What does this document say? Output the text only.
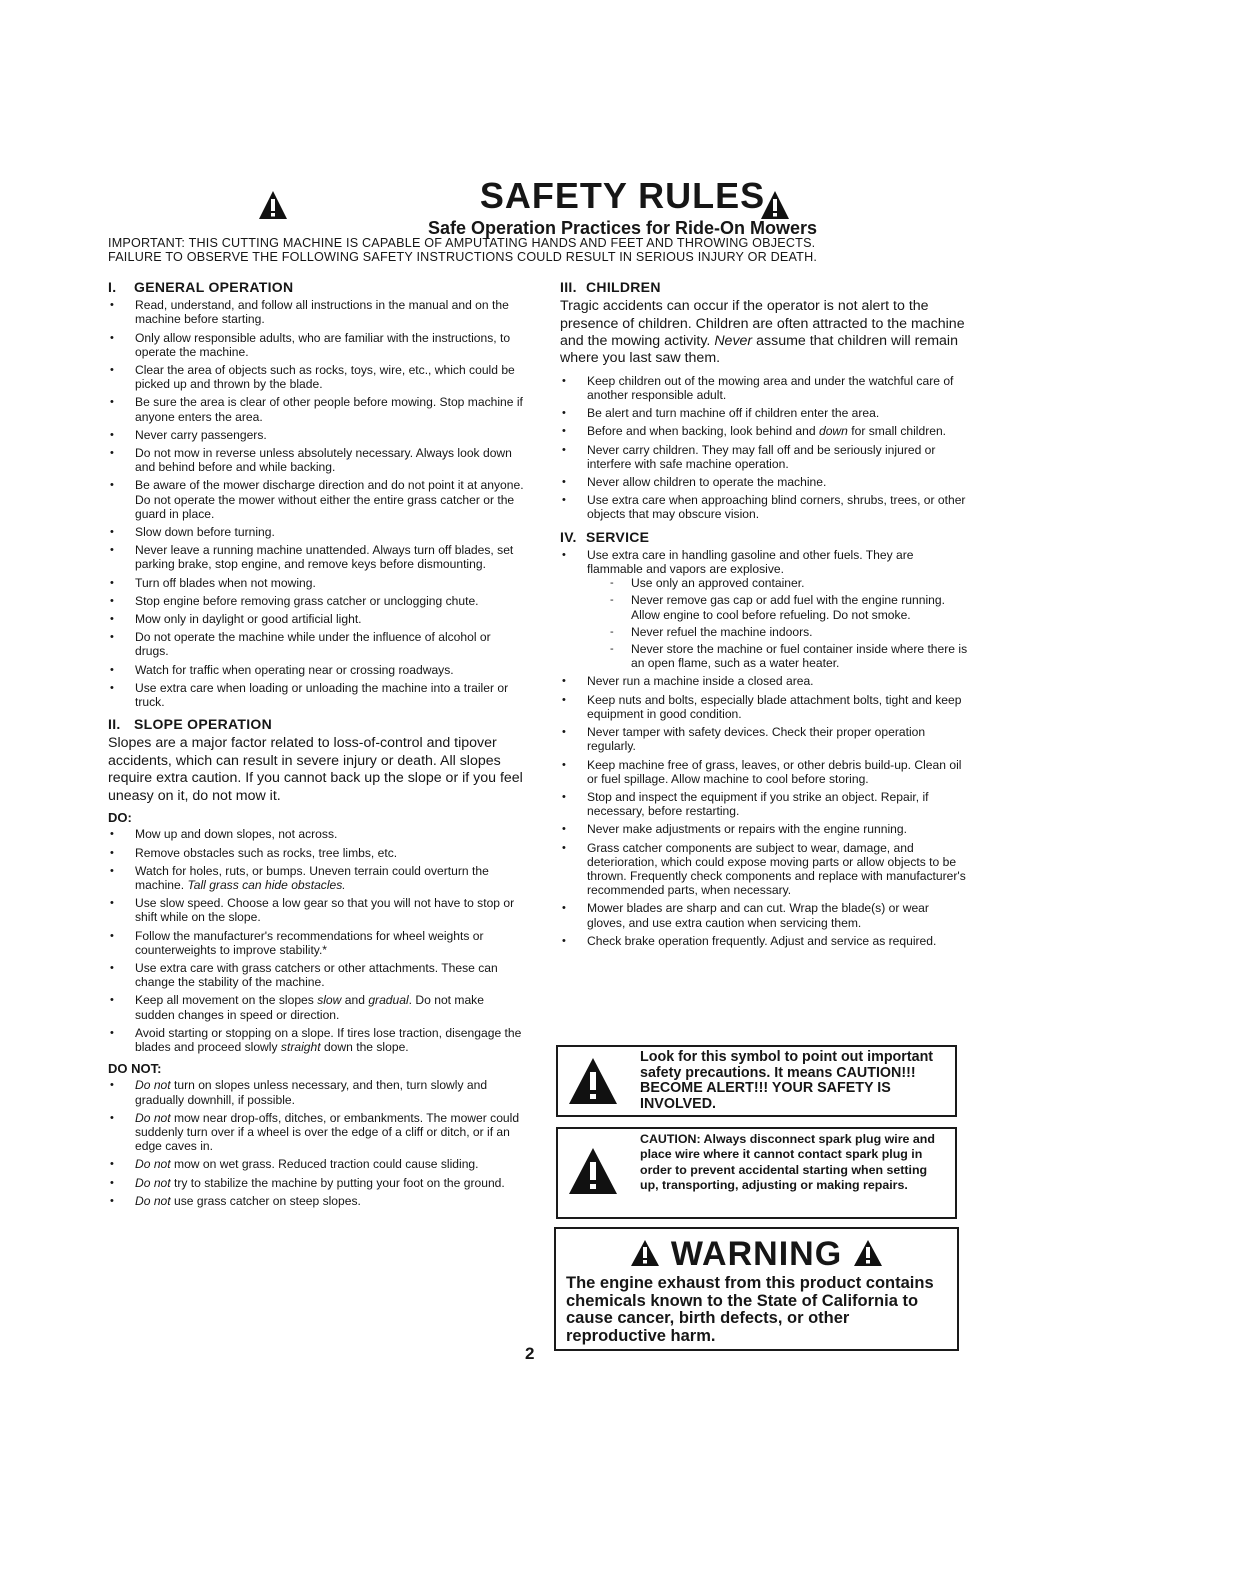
SAFETY RULES
Safe Operation Practices for Ride-On Mowers
IMPORTANT: THIS CUTTING MACHINE IS CAPABLE OF AMPUTATING HANDS AND FEET AND THROWING OBJECTS.
FAILURE TO OBSERVE THE FOLLOWING SAFETY INSTRUCTIONS COULD RESULT IN SERIOUS INJURY OR DEATH.
I. GENERAL OPERATION
• Read, understand, and follow all instructions in the manual and on the machine before starting.
• Only allow responsible adults, who are familiar with the instructions, to operate the machine.
• Clear the area of objects such as rocks, toys, wire, etc., which could be picked up and thrown by the blade.
• Be sure the area is clear of other people before mowing. Stop machine if anyone enters the area.
• Never carry passengers.
• Do not mow in reverse unless absolutely necessary. Always look down and behind before and while backing.
• Be aware of the mower discharge direction and do not point it at anyone. Do not operate the mower without either the entire grass catcher or the guard in place.
• Slow down before turning.
• Never leave a running machine unattended. Always turn off blades, set parking brake, stop engine, and remove keys before dismounting.
• Turn off blades when not mowing.
• Stop engine before removing grass catcher or unclogging chute.
• Mow only in daylight or good artificial light.
• Do not operate the machine while under the influence of alcohol or drugs.
• Watch for traffic when operating near or crossing roadways.
• Use extra care when loading or unloading the machine into a trailer or truck.
II. SLOPE OPERATION
Slopes are a major factor related to loss-of-control and tipover accidents, which can result in severe injury or death. All slopes require extra caution. If you cannot back up the slope or if you feel uneasy on it, do not mow it.
DO:
• Mow up and down slopes, not across.
• Remove obstacles such as rocks, tree limbs, etc.
• Watch for holes, ruts, or bumps. Uneven terrain could overturn the machine. Tall grass can hide obstacles.
• Use slow speed. Choose a low gear so that you will not have to stop or shift while on the slope.
• Follow the manufacturer's recommendations for wheel weights or counterweights to improve stability.*
• Use extra care with grass catchers or other attachments. These can change the stability of the machine.
• Keep all movement on the slopes slow and gradual. Do not make sudden changes in speed or direction.
• Avoid starting or stopping on a slope. If tires lose traction, disengage the blades and proceed slowly straight down the slope.
DO NOT:
• Do not turn on slopes unless necessary, and then, turn slowly and gradually downhill, if possible.
• Do not mow near drop-offs, ditches, or embankments. The mower could suddenly turn over if a wheel is over the edge of a cliff or ditch, or if an edge caves in.
• Do not mow on wet grass. Reduced traction could cause sliding.
• Do not try to stabilize the machine by putting your foot on the ground.
• Do not use grass catcher on steep slopes.
III. CHILDREN
Tragic accidents can occur if the operator is not alert to the presence of children. Children are often attracted to the machine and the mowing activity. Never assume that children will remain where you last saw them.
• Keep children out of the mowing area and under the watchful care of another responsible adult.
• Be alert and turn machine off if children enter the area.
• Before and when backing, look behind and down for small children.
• Never carry children. They may fall off and be seriously injured or interfere with safe machine operation.
• Never allow children to operate the machine.
• Use extra care when approaching blind corners, shrubs, trees, or other objects that may obscure vision.
IV. SERVICE
• Use extra care in handling gasoline and other fuels. They are flammable and vapors are explosive.
- Use only an approved container.
- Never remove gas cap or add fuel with the engine running. Allow engine to cool before refueling. Do not smoke.
- Never refuel the machine indoors.
- Never store the machine or fuel container inside where there is an open flame, such as a water heater.
• Never run a machine inside a closed area.
• Keep nuts and bolts, especially blade attachment bolts, tight and keep equipment in good condition.
• Never tamper with safety devices. Check their proper operation regularly.
• Keep machine free of grass, leaves, or other debris build-up. Clean oil or fuel spillage. Allow machine to cool before storing.
• Stop and inspect the equipment if you strike an object. Repair, if necessary, before restarting.
• Never make adjustments or repairs with the engine running.
• Grass catcher components are subject to wear, damage, and deterioration, which could expose moving parts or allow objects to be thrown. Frequently check components and replace with manufacturer's recommended parts, when necessary.
• Mower blades are sharp and can cut. Wrap the blade(s) or wear gloves, and use extra caution when servicing them.
• Check brake operation frequently. Adjust and service as required.
Look for this symbol to point out important safety precautions. It means CAUTION!!! BECOME ALERT!!! YOUR SAFETY IS INVOLVED.
CAUTION: Always disconnect spark plug wire and place wire where it cannot contact spark plug in order to prevent accidental starting when setting up, transporting, adjusting or making repairs.
WARNING
The engine exhaust from this product contains chemicals known to the State of California to cause cancer, birth defects, or other reproductive harm.
2
